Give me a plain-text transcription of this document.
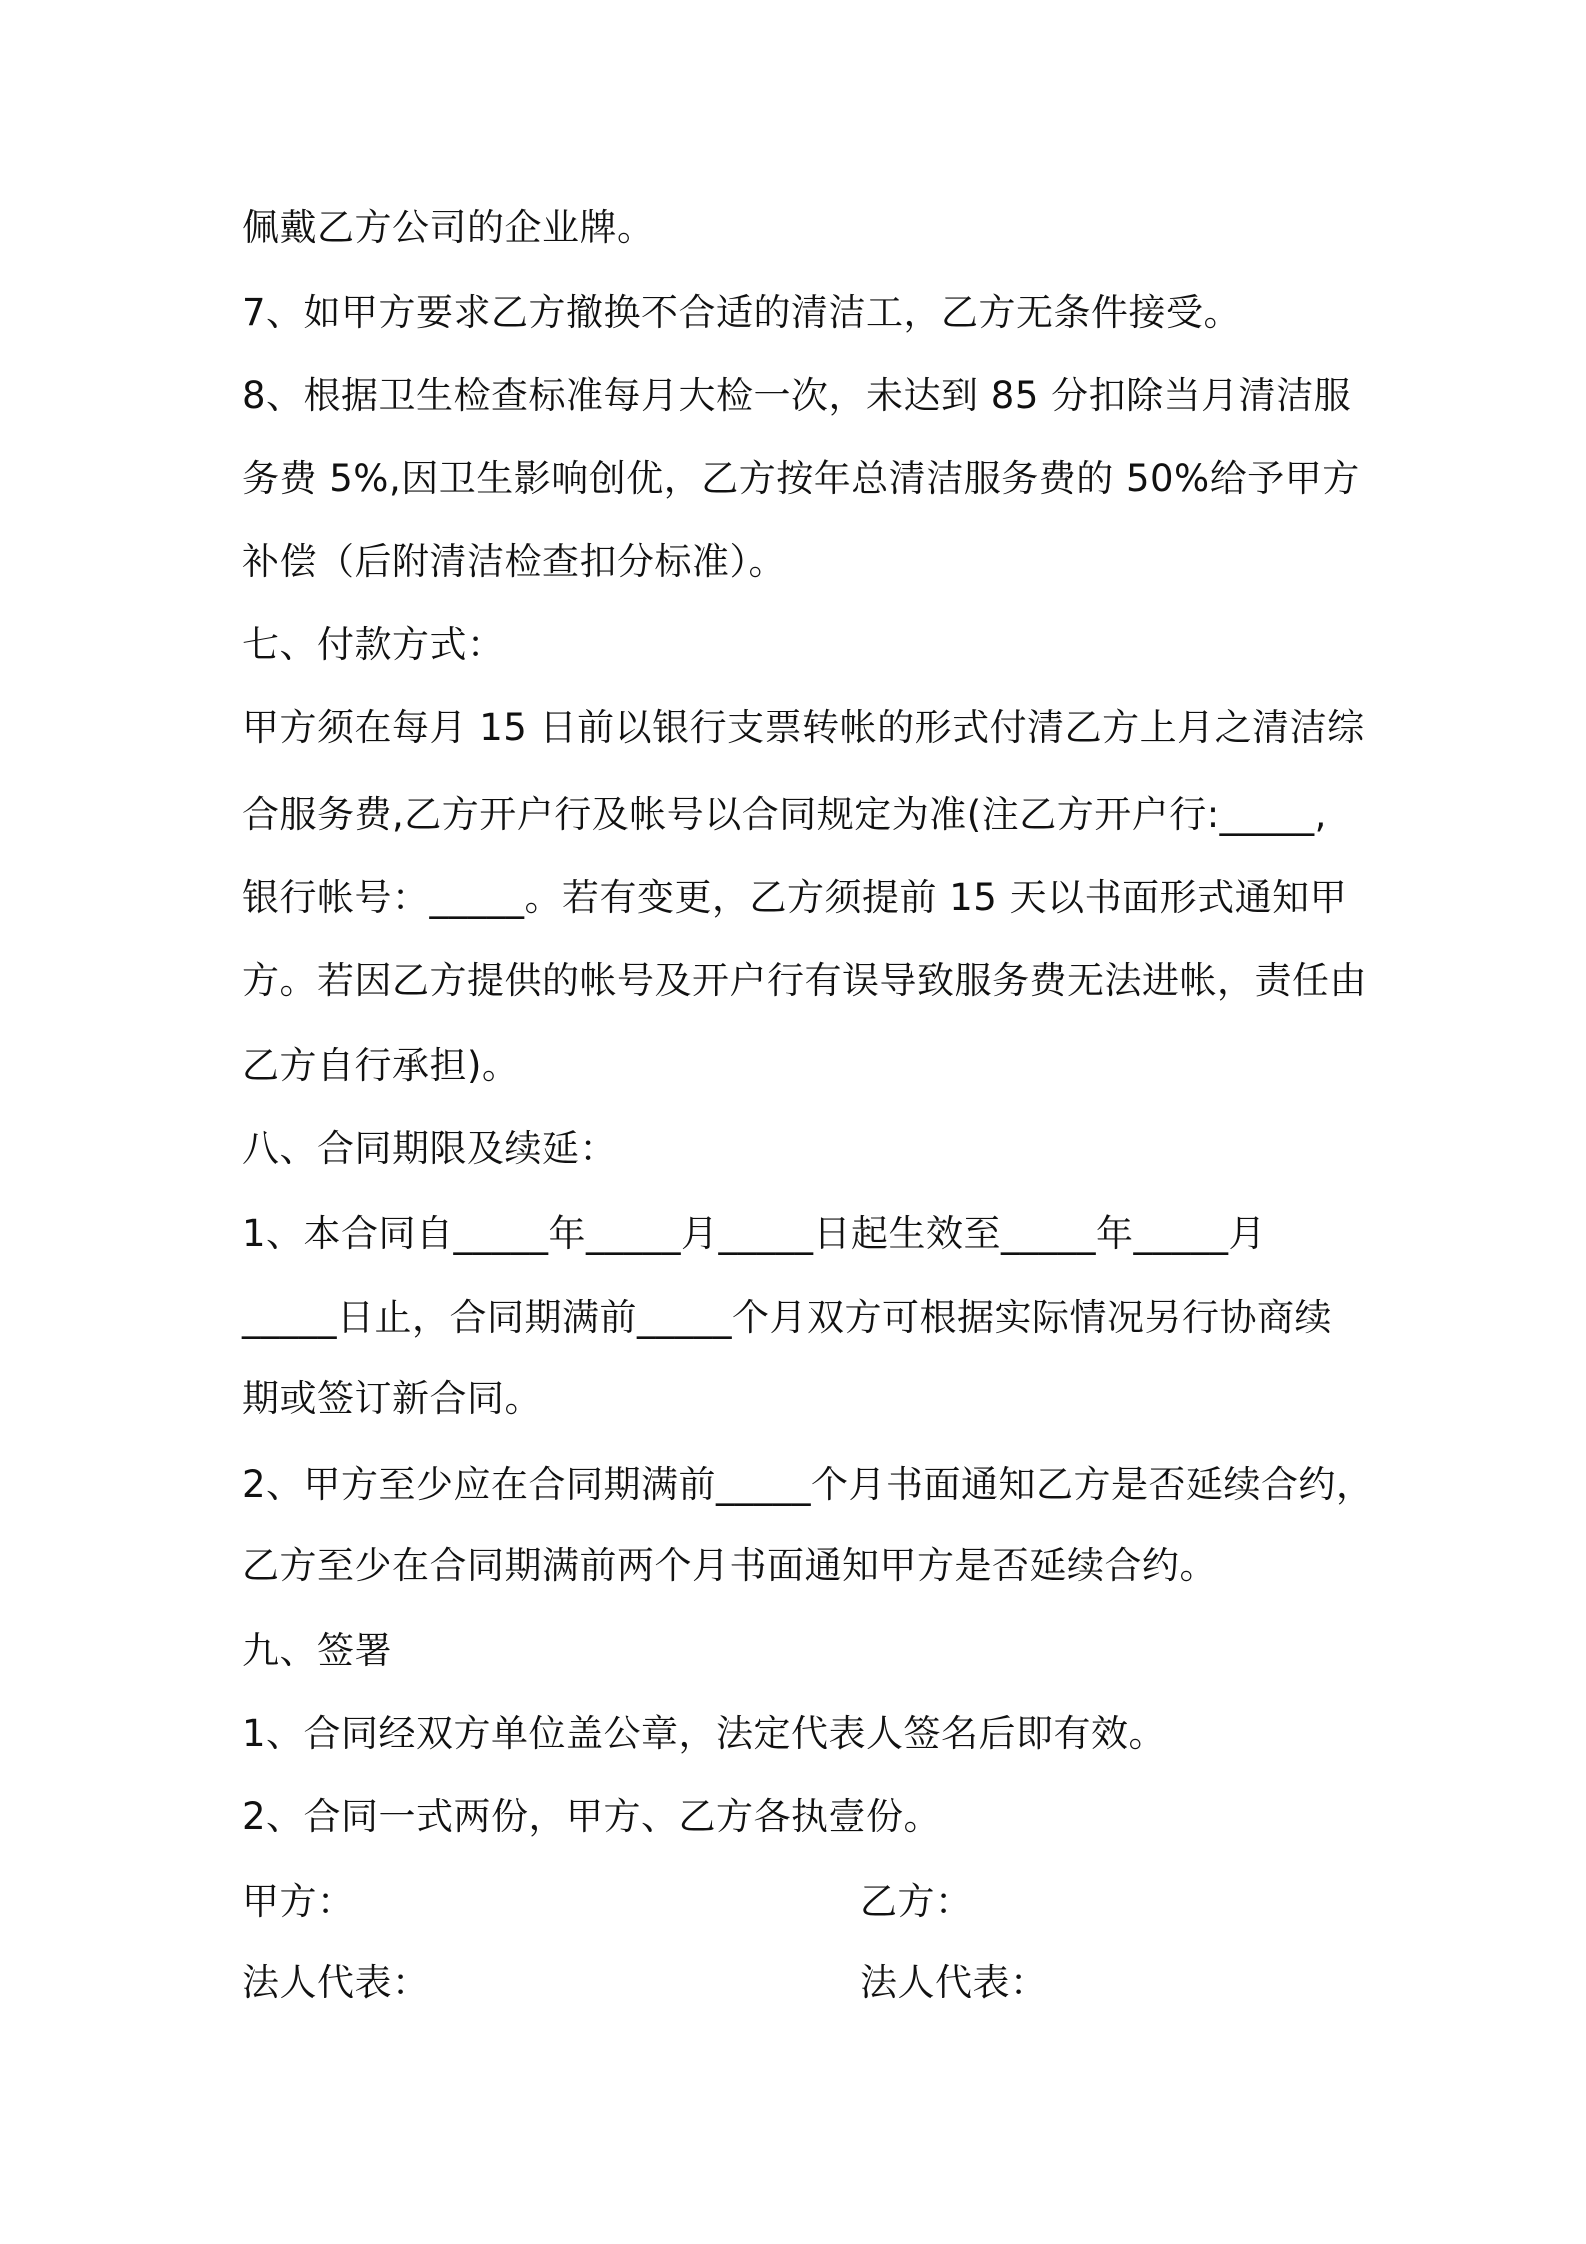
佩戴乙方公司的企业牌。
7、如甲方要求乙方撤换不合适的清洁工，乙方无条件接受。
8、根据卫生检查标准每月大检一次，未达到 85 分扣除当月清洁服
务费 5%,因卫生影响创优，乙方按年总清洁服务费的 50%给予甲方
补偿（后附清洁检查扣分标准）。
七、付款方式：
甲方须在每月 15 日前以银行支票转帐的形式付清乙方上月之清洁综
合服务费,乙方开户行及帐号以合同规定为准(注乙方开户行:_____,
银行帐号：_____。若有变更，乙方须提前 15 天以书面形式通知甲
方。若因乙方提供的帐号及开户行有误导致服务费无法进帐，责任由
乙方自行承担)。
八、合同期限及续延：
1、本合同自_____年_____月_____日起生效至_____年_____月
_____日止，合同期满前_____个月双方可根据实际情况另行协商续
期或签订新合同。
2、甲方至少应在合同期满前_____个月书面通知乙方是否延续合约，
乙方至少在合同期满前两个月书面通知甲方是否延续合约。
九、签署
1、合同经双方单位盖公章，法定代表人签名后即有效。
2、合同一式两份，甲方、乙方各执壹份。
甲方：	乙方：
法人代表：	法人代表：
